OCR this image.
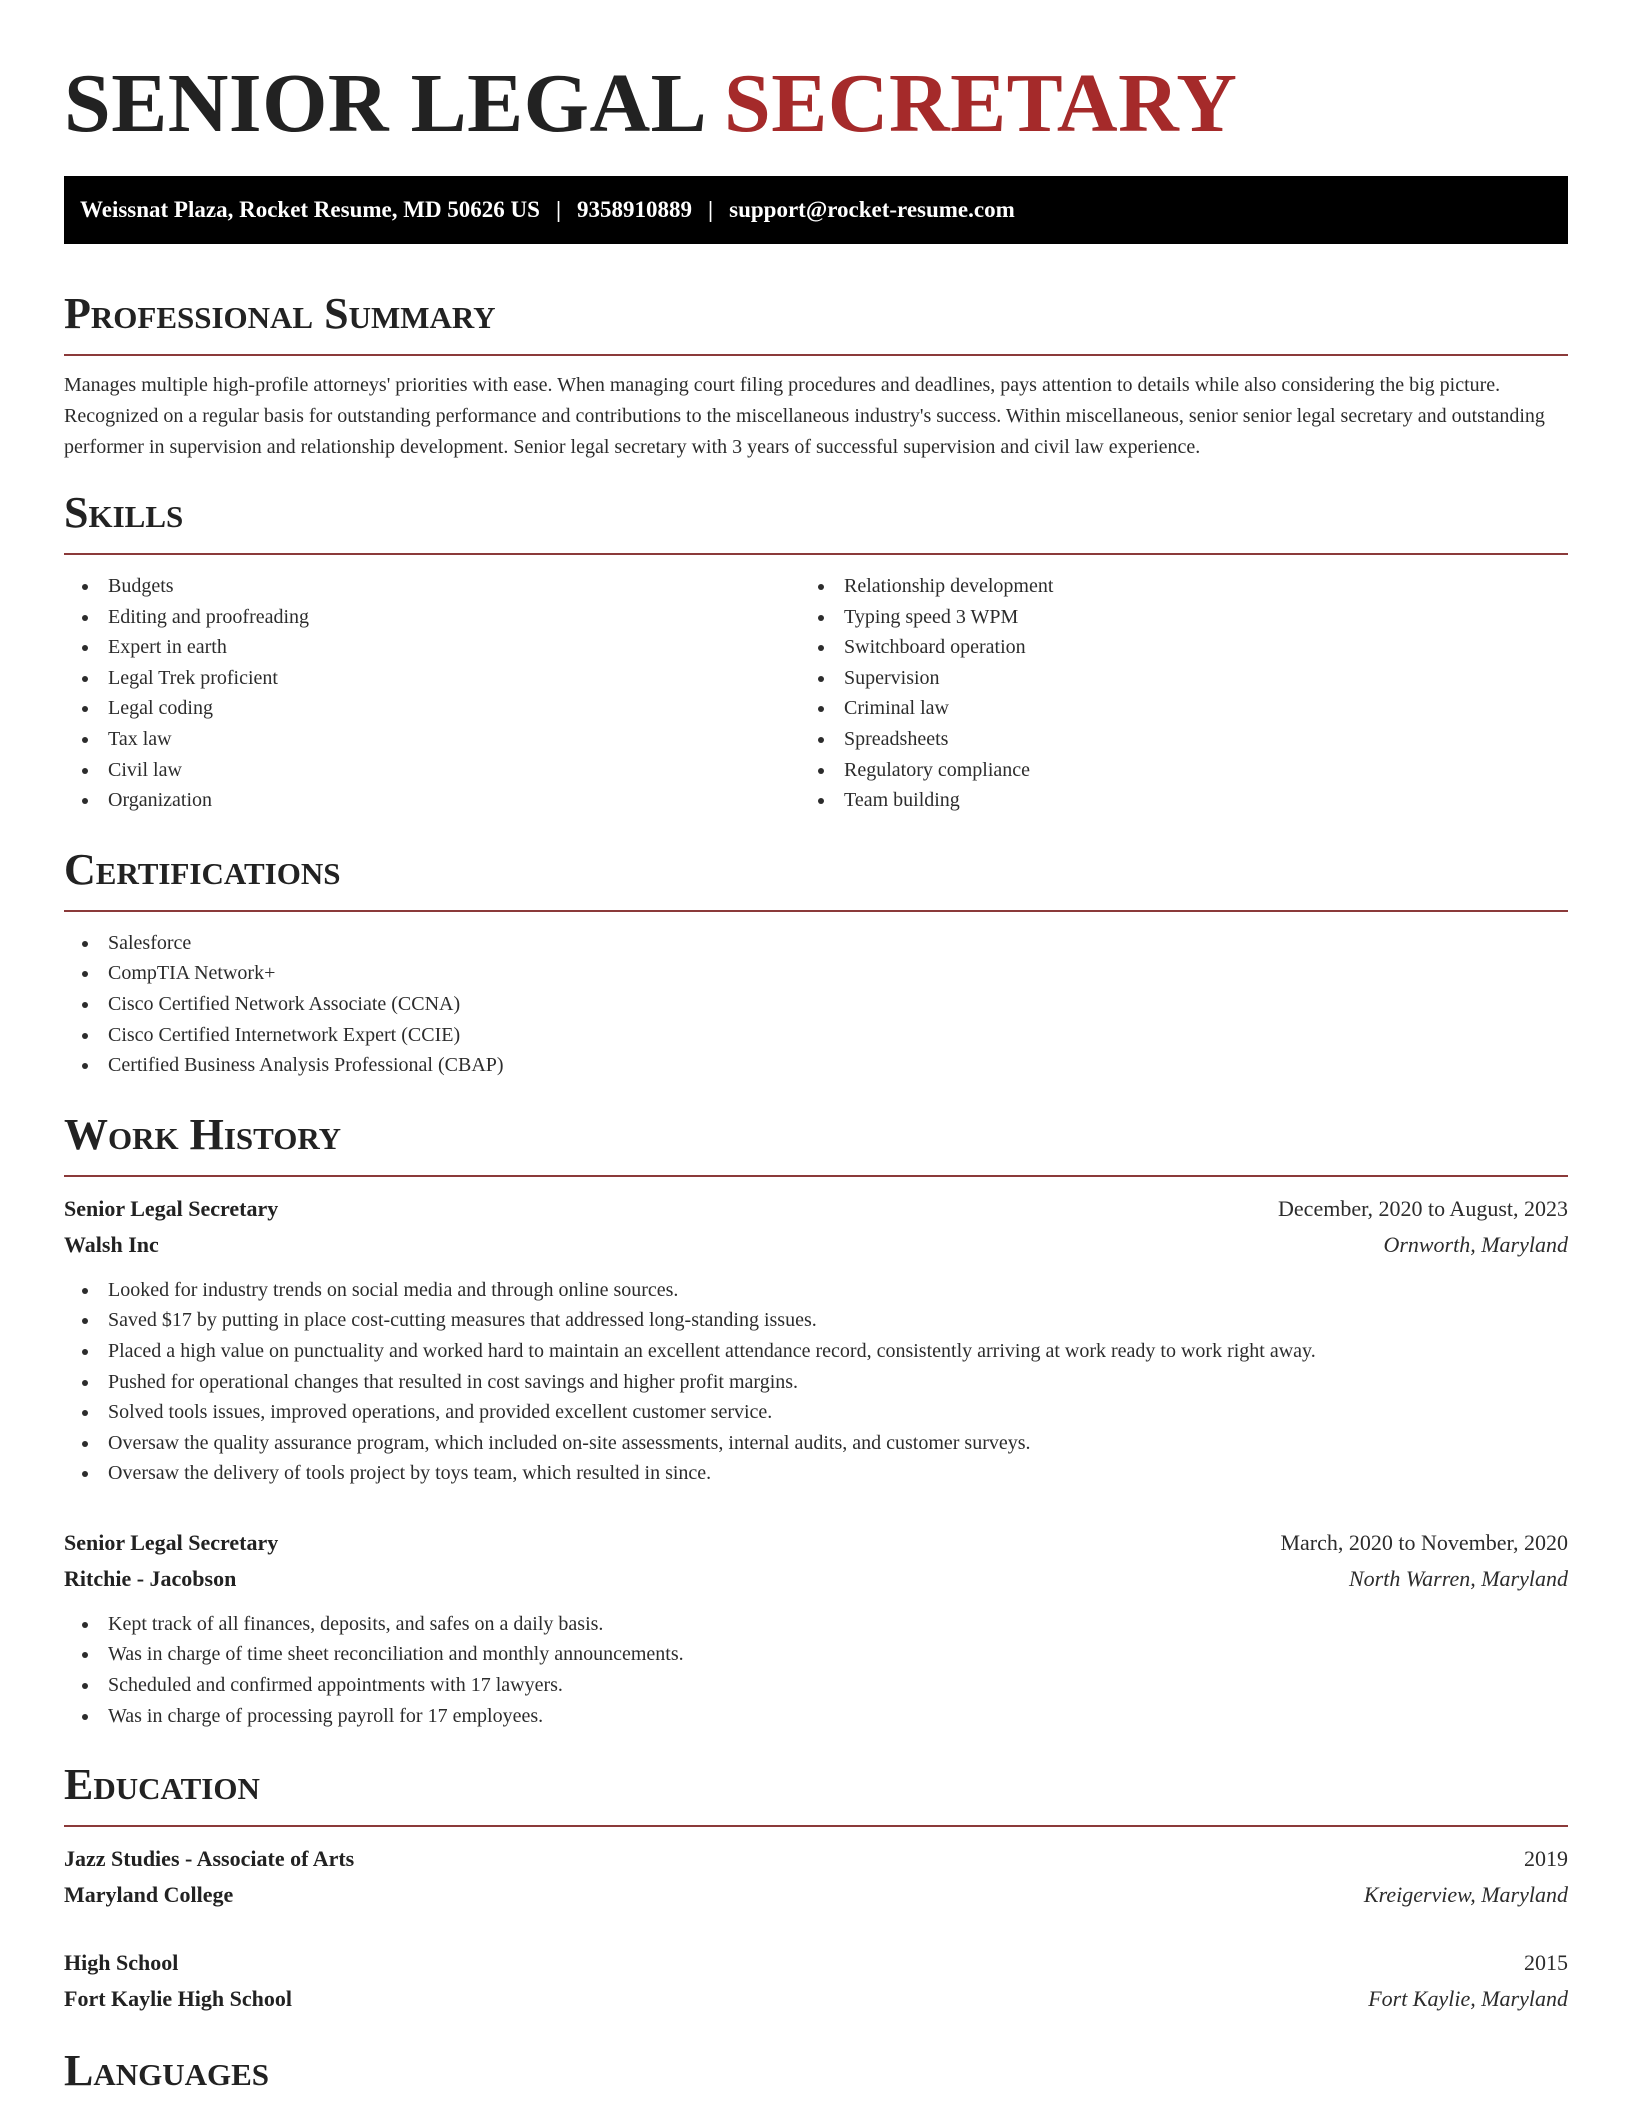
SENIOR LEGAL SECRETARY
Weissnat Plaza, Rocket Resume, MD 50626 US | 9358910889 | support@rocket-resume.com
Professional Summary

Manages multiple high-profile attorneys' priorities with ease. When managing court filing procedures and deadlines, pays attention to details while also considering the big picture. Recognized on a regular basis for outstanding performance and contributions to the miscellaneous industry's success. Within miscellaneous, senior senior legal secretary and outstanding performer in supervision and relationship development. Senior legal secretary with 3 years of successful supervision and civil law experience.

Skills
Budgets
Editing and proofreading
Expert in earth
Legal Trek proficient
Legal coding
Tax law
Civil law
Organization
Relationship development
Typing speed 3 WPM
Switchboard operation
Supervision
Criminal law
Spreadsheets
Regulatory compliance
Team building
Certifications
Salesforce
CompTIA Network+
Cisco Certified Network Associate (CCNA)
Cisco Certified Internetwork Expert (CCIE)
Certified Business Analysis Professional (CBAP)
Work History
Senior Legal Secretary	December, 2020 to August, 2023
Walsh Inc	Ornworth, Maryland
Looked for industry trends on social media and through online sources.
Saved $17 by putting in place cost-cutting measures that addressed long-standing issues.
Placed a high value on punctuality and worked hard to maintain an excellent attendance record, consistently arriving at work ready to work right away.
Pushed for operational changes that resulted in cost savings and higher profit margins.
Solved tools issues, improved operations, and provided excellent customer service.
Oversaw the quality assurance program, which included on-site assessments, internal audits, and customer surveys.
Oversaw the delivery of tools project by toys team, which resulted in since.
Senior Legal Secretary	March, 2020 to November, 2020
Ritchie - Jacobson	North Warren, Maryland
Kept track of all finances, deposits, and safes on a daily basis.
Was in charge of time sheet reconciliation and monthly announcements.
Scheduled and confirmed appointments with 17 lawyers.
Was in charge of processing payroll for 17 employees.
Education
Jazz Studies - Associate of Arts	2019
Maryland College	Kreigerview, Maryland
High School	2015
Fort Kaylie High School	Fort Kaylie, Maryland
Languages
